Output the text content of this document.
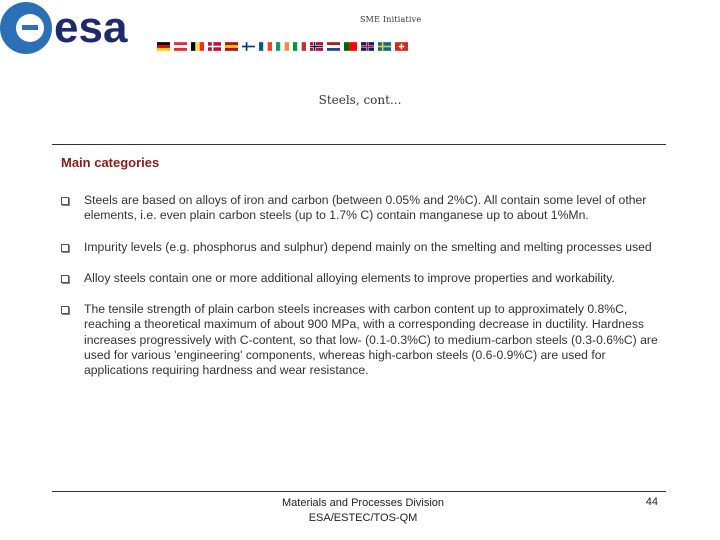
esa	SME Initiative
Steels, cont...
Main categories
Steels are based on alloys of iron and carbon (between 0.05% and 2%C). All contain some level of other elements, i.e. even plain carbon steels (up to 1.7% C) contain manganese up to about 1%Mn.
Impurity levels (e.g. phosphorus and sulphur) depend mainly on the smelting and melting processes used
Alloy steels contain one or more additional alloying elements to improve properties and workability.
The tensile strength of plain carbon steels increases with carbon content up to approximately 0.8%C, reaching a theoretical maximum of about 900 MPa, with a corresponding decrease in ductility. Hardness increases progressively with C-content, so that low- (0.1-0.3%C) to medium-carbon steels (0.3-0.6%C) are used for various 'engineering' components, whereas high-carbon steels (0.6-0.9%C) are used for applications requiring hardness and wear resistance.
Materials and Processes Division
ESA/ESTEC/TOS-QM
44
